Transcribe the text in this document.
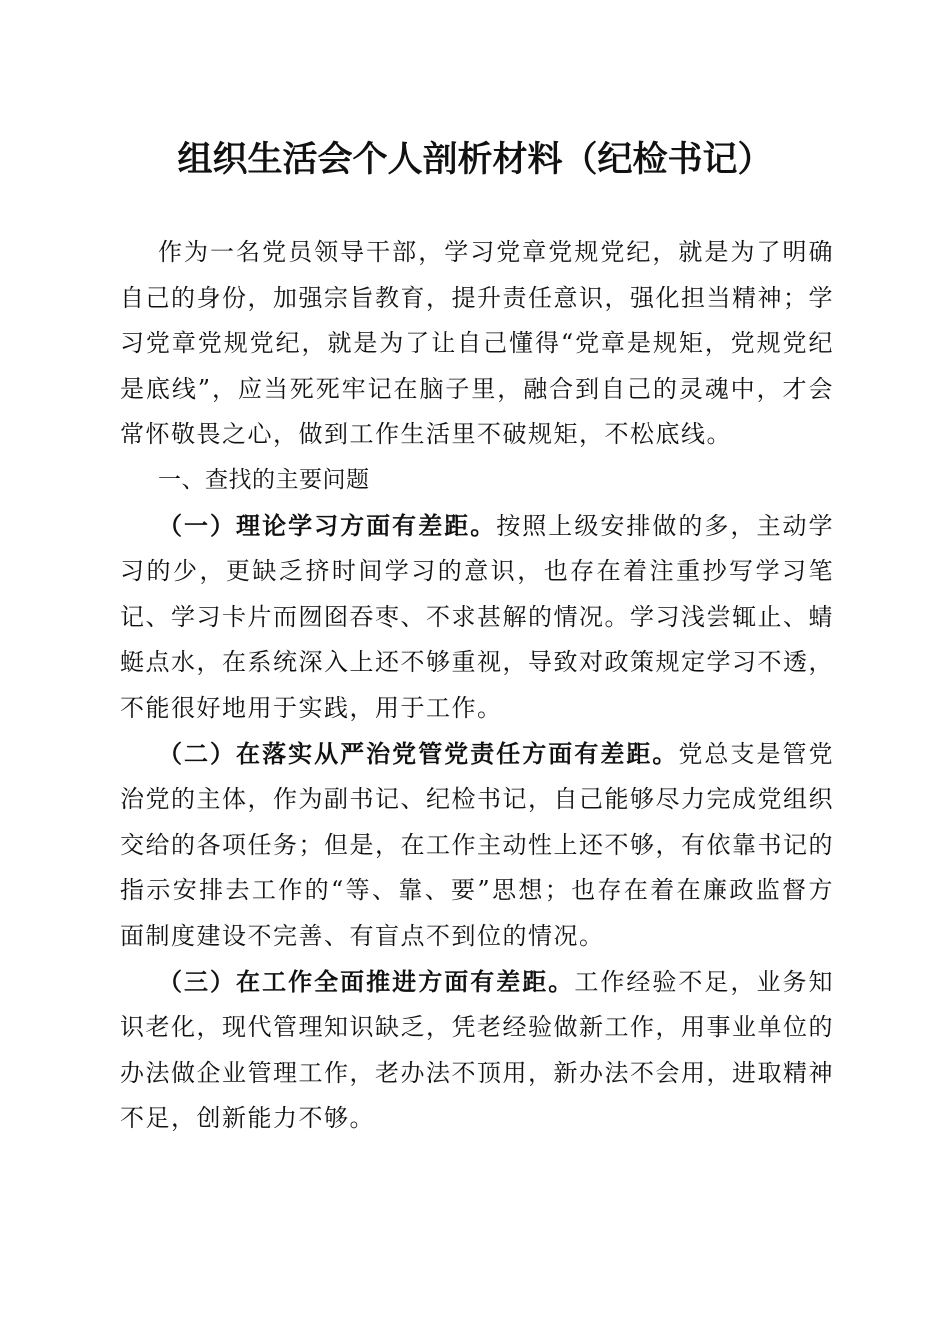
组织生活会个人剖析材料（纪检书记）

作为一名党员领导干部，学习党章党规党纪，就是为了明确自己的身份，加强宗旨教育，提升责任意识，强化担当精神；学习党章党规党纪，就是为了让自己懂得“党章是规矩，党规党纪是底线”，应当死死牢记在脑子里，融合到自己的灵魂中，才会常怀敬畏之心，做到工作生活里不破规矩，不松底线。

一、查找的主要问题

（一）理论学习方面有差距。按照上级安排做的多，主动学习的少，更缺乏挤时间学习的意识，也存在着注重抄写学习笔记、学习卡片而囫囵吞枣、不求甚解的情况。学习浅尝辄止、蜻蜓点水，在系统深入上还不够重视，导致对政策规定学习不透，不能很好地用于实践，用于工作。

（二）在落实从严治党管党责任方面有差距。党总支是管党治党的主体，作为副书记、纪检书记，自己能够尽力完成党组织交给的各项任务；但是，在工作主动性上还不够，有依靠书记的指示安排去工作的“等、靠、要”思想；也存在着在廉政监督方面制度建设不完善、有盲点不到位的情况。

（三）在工作全面推进方面有差距。工作经验不足，业务知识老化，现代管理知识缺乏，凭老经验做新工作，用事业单位的办法做企业管理工作，老办法不顶用，新办法不会用，进取精神不足，创新能力不够。
